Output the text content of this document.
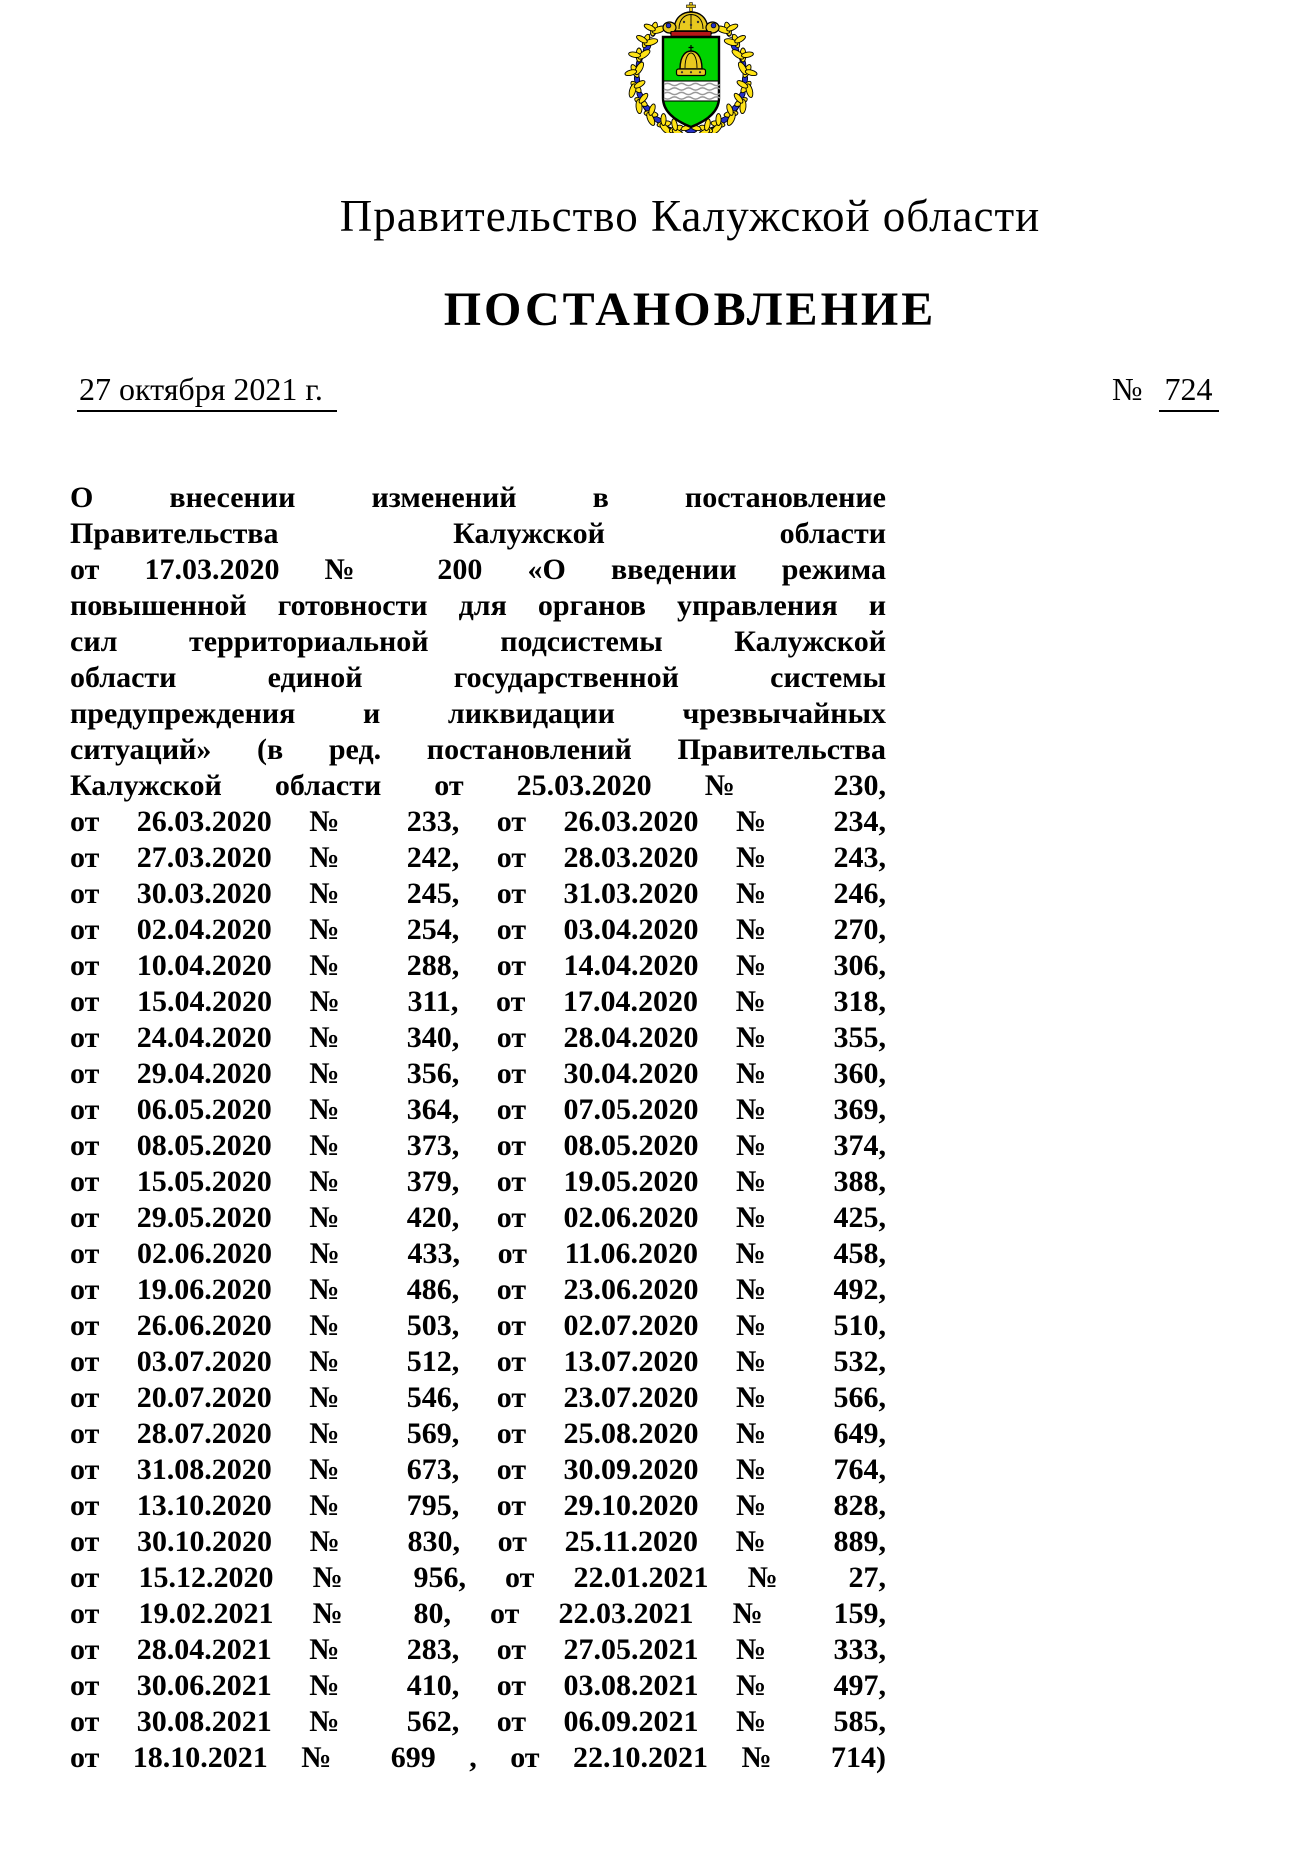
Правительство Калужской области
ПОСТАНОВЛЕНИЕ
27 октября 2021 г.	№ 724
О внесении изменений в постановление
Правительства Калужской области
от 17.03.2020 № 200 «О введении режима
повышенной готовности для органов управления и
сил территориальной подсистемы Калужской
области единой государственной системы
предупреждения и ликвидации чрезвычайных
ситуаций» (в ред. постановлений Правительства
Калужской области от 25.03.2020 № 230,
от 26.03.2020 № 233, от 26.03.2020 № 234,
от 27.03.2020 № 242, от 28.03.2020 № 243,
от 30.03.2020 № 245, от 31.03.2020 № 246,
от 02.04.2020 № 254, от 03.04.2020 № 270,
от 10.04.2020 № 288, от 14.04.2020 № 306,
от 15.04.2020 № 311, от 17.04.2020 № 318,
от 24.04.2020 № 340, от 28.04.2020 № 355,
от 29.04.2020 № 356, от 30.04.2020 № 360,
от 06.05.2020 № 364, от 07.05.2020 № 369,
от 08.05.2020 № 373, от 08.05.2020 № 374,
от 15.05.2020 № 379, от 19.05.2020 № 388,
от 29.05.2020 № 420, от 02.06.2020 № 425,
от 02.06.2020 № 433, от 11.06.2020 № 458,
от 19.06.2020 № 486, от 23.06.2020 № 492,
от 26.06.2020 № 503, от 02.07.2020 № 510,
от 03.07.2020 № 512, от 13.07.2020 № 532,
от 20.07.2020 № 546, от 23.07.2020 № 566,
от 28.07.2020 № 569, от 25.08.2020 № 649,
от 31.08.2020 № 673, от 30.09.2020 № 764,
от 13.10.2020 № 795, от 29.10.2020 № 828,
от 30.10.2020 № 830, от 25.11.2020 № 889,
от 15.12.2020 № 956, от 22.01.2021 № 27,
от 19.02.2021 № 80, от 22.03.2021 № 159,
от 28.04.2021 № 283, от 27.05.2021 № 333,
от 30.06.2021 № 410, от 03.08.2021 № 497,
от 30.08.2021 № 562, от 06.09.2021 № 585,
от 18.10.2021 № 699 , от 22.10.2021 № 714)
